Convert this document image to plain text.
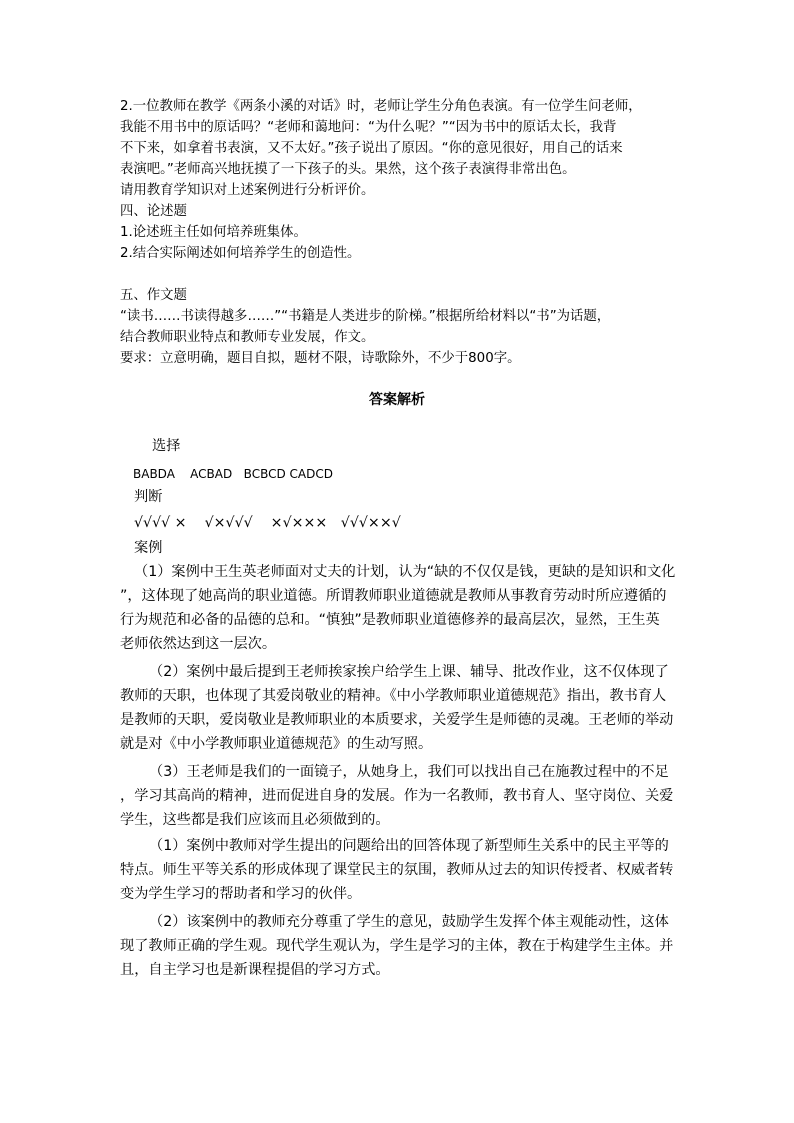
2.一位教师在教学《两条小溪的对话》时，老师让学生分角色表演。有一位学生问老师，
我能不用书中的原话吗？“老师和蔼地问：“为什么呢？”“因为书中的原话太长，我背
不下来，如拿着书表演，又不太好。”孩子说出了原因。“你的意见很好，用自己的话来
表演吧。”老师高兴地抚摸了一下孩子的头。果然，这个孩子表演得非常出色。
请用教育学知识对上述案例进行分析评价。
四、论述题
1.论述班主任如何培养班集体。
2.结合实际阐述如何培养学生的创造性。
五、作文题
“读书……书读得越多……”“书籍是人类进步的阶梯。”根据所给材料以“书”为话题，
结合教师职业特点和教师专业发展，作文。
要求：立意明确，题目自拟，题材不限，诗歌除外，不少于800字。
答案解析
选择
BABDA    ACBAD   BCBCD CADCD
判断
√√√√ ×    √×√√√    ×√×××   √√√××√
案例
（1）案例中王生英老师面对丈夫的计划，认为“缺的不仅仅是钱，更缺的是知识和文化
”，这体现了她高尚的职业道德。所谓教师职业道德就是教师从事教育劳动时所应遵循的
行为规范和必备的品德的总和。“慎独”是教师职业道德修养的最高层次，显然，王生英
老师依然达到这一层次。
（2）案例中最后提到王老师挨家挨户给学生上课、辅导、批改作业，这不仅体现了
教师的天职，也体现了其爱岗敬业的精神。《中小学教师职业道德规范》指出，教书育人
是教师的天职，爱岗敬业是教师职业的本质要求，关爱学生是师德的灵魂。王老师的举动
就是对《中小学教师职业道德规范》的生动写照。
（3）王老师是我们的一面镜子，从她身上，我们可以找出自己在施教过程中的不足
，学习其高尚的精神，进而促进自身的发展。作为一名教师，教书育人、坚守岗位、关爱
学生，这些都是我们应该而且必须做到的。
（1）案例中教师对学生提出的问题给出的回答体现了新型师生关系中的民主平等的
特点。师生平等关系的形成体现了课堂民主的氛围，教师从过去的知识传授者、权威者转
变为学生学习的帮助者和学习的伙伴。
（2）该案例中的教师充分尊重了学生的意见，鼓励学生发挥个体主观能动性，这体
现了教师正确的学生观。现代学生观认为，学生是学习的主体，教在于构建学生主体。并
且，自主学习也是新课程提倡的学习方式。
